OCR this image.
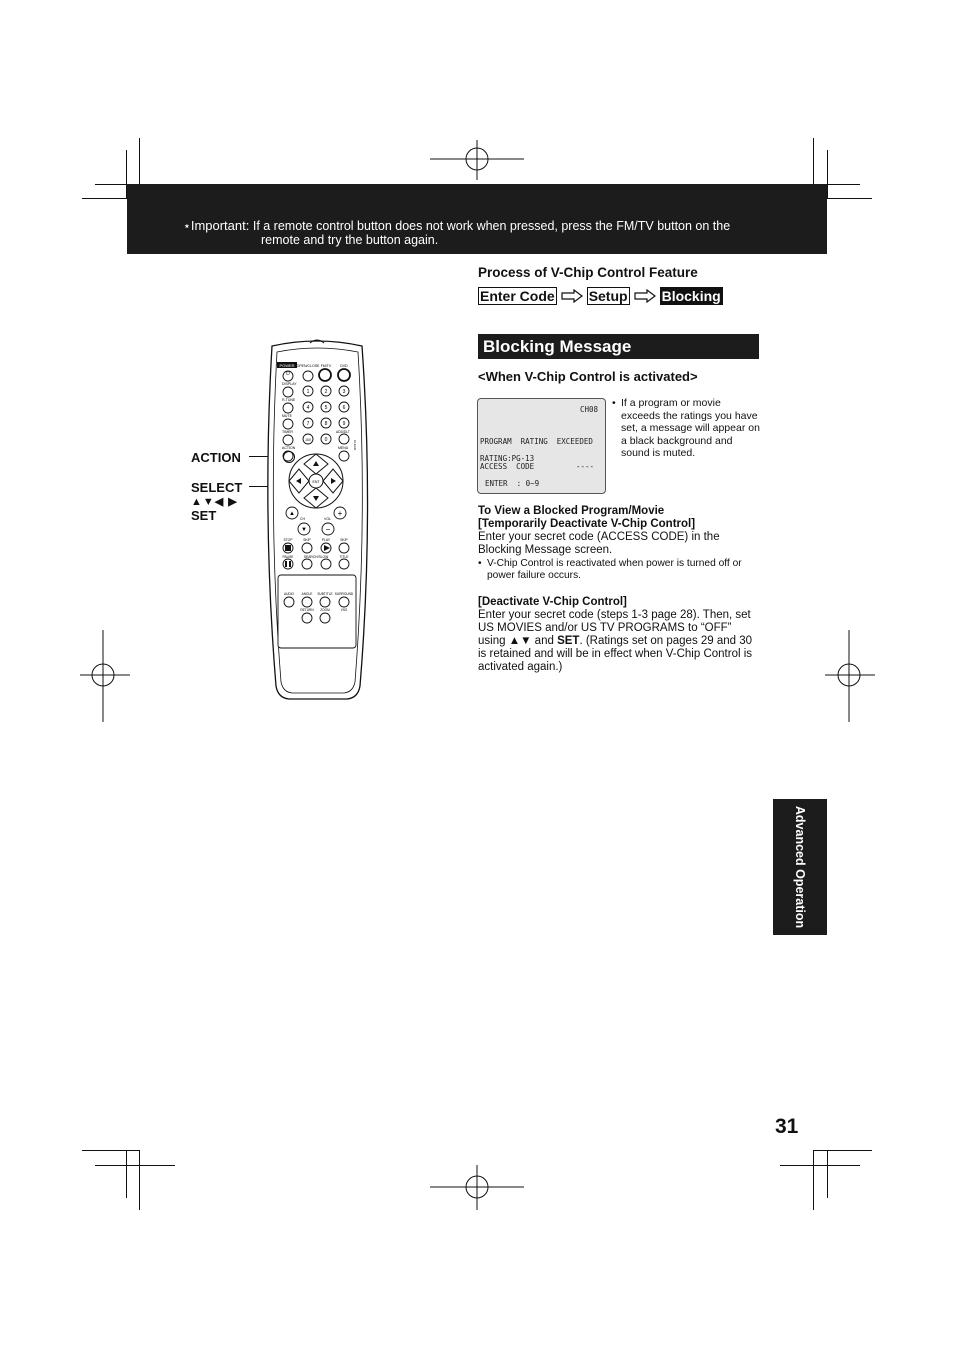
⋆Important: If a remote control button does not work when pressed, press the FM/TV button on the
remote and try the button again.
Process of V-Chip Control Feature
Enter Code Setup Blocking
Blocking Message
<When V-Chip Control is activated>
CH08
PROGRAM  RATING  EXCEEDED
RATING:PG-13
ACCESS  CODE	----
ENTER  : 0~9
• If a program or movie exceeds the ratings you have set, a message will appear on a black background and sound is muted.
To View a Blocked Program/Movie
[Temporarily Deactivate V-Chip Control]
Enter your secret code (ACCESS CODE) in the Blocking Message screen.
• V-Chip Control is reactivated when power is turned off or power failure occurs.
[Deactivate V-Chip Control]
Enter your secret code (steps 1-3 page 28). Then, set US MOVIES and/or US TV PROGRAMS to “OFF” using ▲▼ and SET. (Ratings set on pages 29 and 30 is retained and will be in effect when V-Chip Control is activated again.)
ACTION
SELECT
▲▼◀ ▶
SET
POWER OPEN/CLOSE FM/TV	DVD
⏻
DISPLAY
R-TUNE
MUTE
TIMER	ADD/DLT
ACTION	MENU
1	2	3
4	5	6
7	8	9
0
100	CLEAR
ENT
CH	VOL
▲	+
▼ −
STOP	SKIP	PLAY	SKIP
PAUSE	SEARCH/SLOW	TITLE
AUDIO ANGLE SUBTITLE SURROUND
RETURN ZOOM	VSS
Advanced Operation
31
